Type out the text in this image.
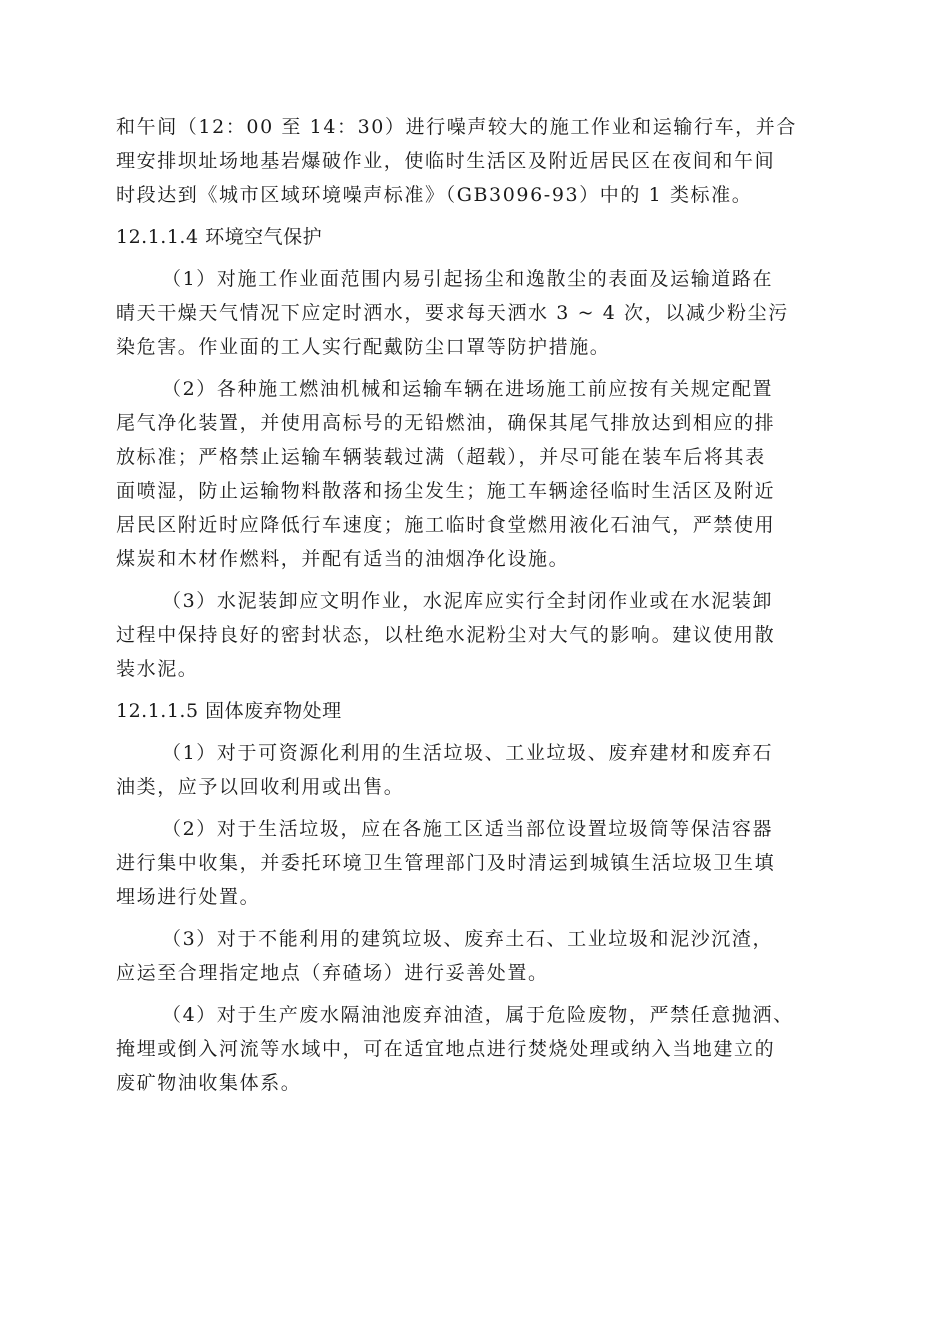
和午间（12：00 至 14：30）进行噪声较大的施工作业和运输行车，并合
理安排坝址场地基岩爆破作业，使临时生活区及附近居民区在夜间和午间
时段达到《城市区域环境噪声标准》（GB3096-93）中的 1 类标准。
12.1.1.4 环境空气保护
（1）对施工作业面范围内易引起扬尘和逸散尘的表面及运输道路在
晴天干燥天气情况下应定时洒水，要求每天洒水 3 ~ 4 次，以减少粉尘污
染危害。作业面的工人实行配戴防尘口罩等防护措施。
（2）各种施工燃油机械和运输车辆在进场施工前应按有关规定配置
尾气净化装置，并使用高标号的无铅燃油，确保其尾气排放达到相应的排
放标准；严格禁止运输车辆装载过满（超载），并尽可能在装车后将其表
面喷湿，防止运输物料散落和扬尘发生；施工车辆途径临时生活区及附近
居民区附近时应降低行车速度；施工临时食堂燃用液化石油气，严禁使用
煤炭和木材作燃料，并配有适当的油烟净化设施。
（3）水泥装卸应文明作业，水泥库应实行全封闭作业或在水泥装卸
过程中保持良好的密封状态，以杜绝水泥粉尘对大气的影响。建议使用散
装水泥。
12.1.1.5 固体废弃物处理
（1）对于可资源化利用的生活垃圾、工业垃圾、废弃建材和废弃石
油类，应予以回收利用或出售。
（2）对于生活垃圾，应在各施工区适当部位设置垃圾筒等保洁容器
进行集中收集，并委托环境卫生管理部门及时清运到城镇生活垃圾卫生填
埋场进行处置。
（3）对于不能利用的建筑垃圾、废弃土石、工业垃圾和泥沙沉渣，
应运至合理指定地点（弃碴场）进行妥善处置。
（4）对于生产废水隔油池废弃油渣，属于危险废物，严禁任意抛洒、
掩埋或倒入河流等水域中，可在适宜地点进行焚烧处理或纳入当地建立的
废矿物油收集体系。
